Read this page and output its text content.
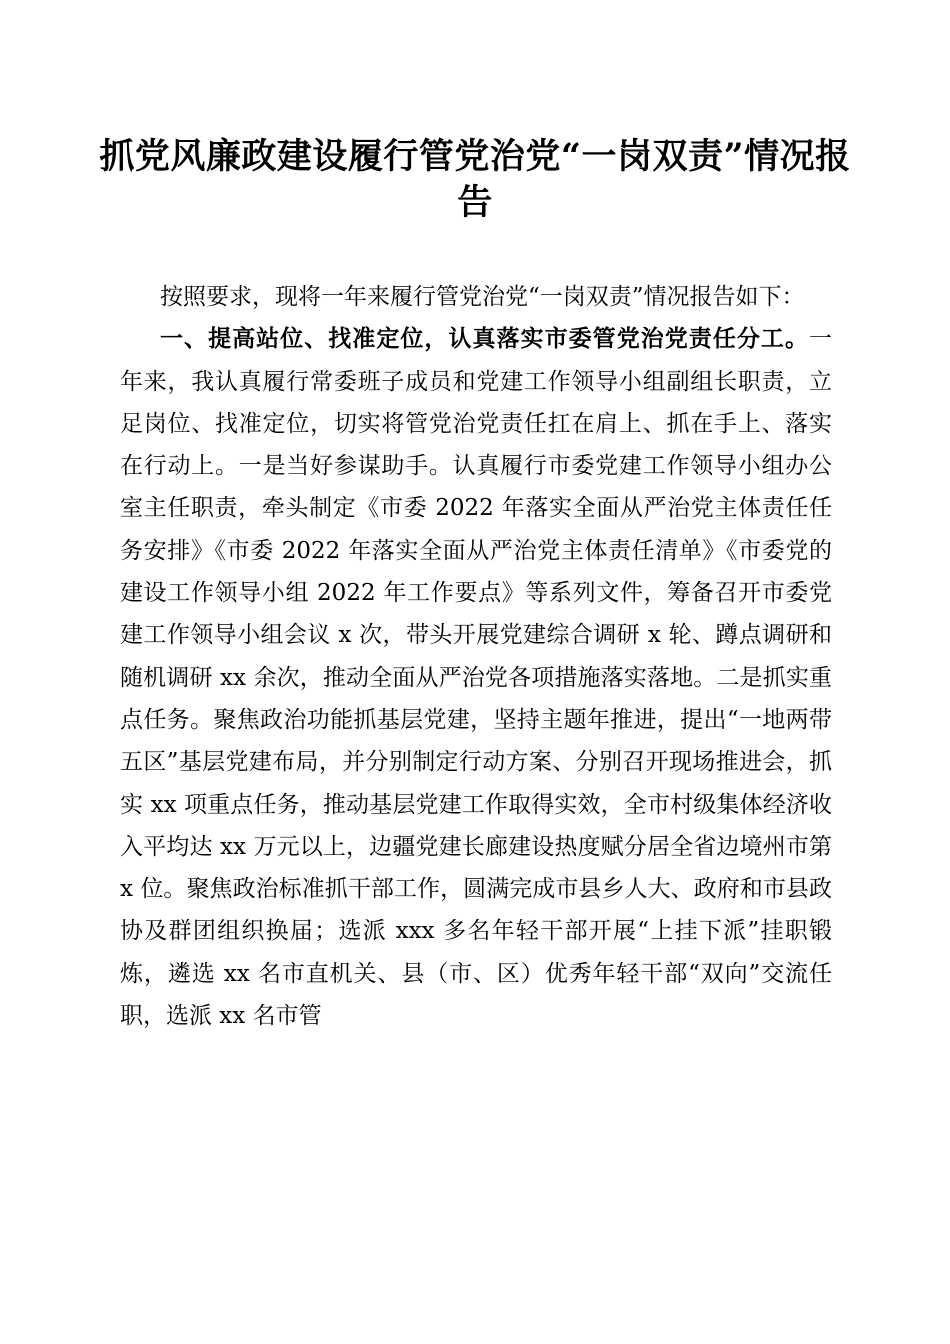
抓党风廉政建设履行管党治党“一岗双责”情况报告

按照要求，现将一年来履行管党治党“一岗双责”情况报告如下：

一、提高站位、找准定位，认真落实市委管党治党责任分工。一年来，我认真履行常委班子成员和党建工作领导小组副组长职责，立足岗位、找准定位，切实将管党治党责任扛在肩上、抓在手上、落实在行动上。一是当好参谋助手。认真履行市委党建工作领导小组办公室主任职责，牵头制定《市委 2022 年落实全面从严治党主体责任任务安排》《市委 2022 年落实全面从严治党主体责任清单》《市委党的建设工作领导小组 2022 年工作要点》等系列文件，筹备召开市委党建工作领导小组会议 x 次，带头开展党建综合调研 x 轮、蹲点调研和随机调研 xx 余次，推动全面从严治党各项措施落实落地。二是抓实重点任务。聚焦政治功能抓基层党建，坚持主题年推进，提出“一地两带五区”基层党建布局，并分别制定行动方案、分别召开现场推进会，抓实 xx 项重点任务，推动基层党建工作取得实效，全市村级集体经济收入平均达 xx 万元以上，边疆党建长廊建设热度赋分居全省边境州市第 x 位。聚焦政治标准抓干部工作，圆满完成市县乡人大、政府和市县政协及群团组织换届；选派 xxx 多名年轻干部开展“上挂下派”挂职锻炼，遴选 xx 名市直机关、县（市、区）优秀年轻干部“双向”交流任职，选派 xx 名市管
